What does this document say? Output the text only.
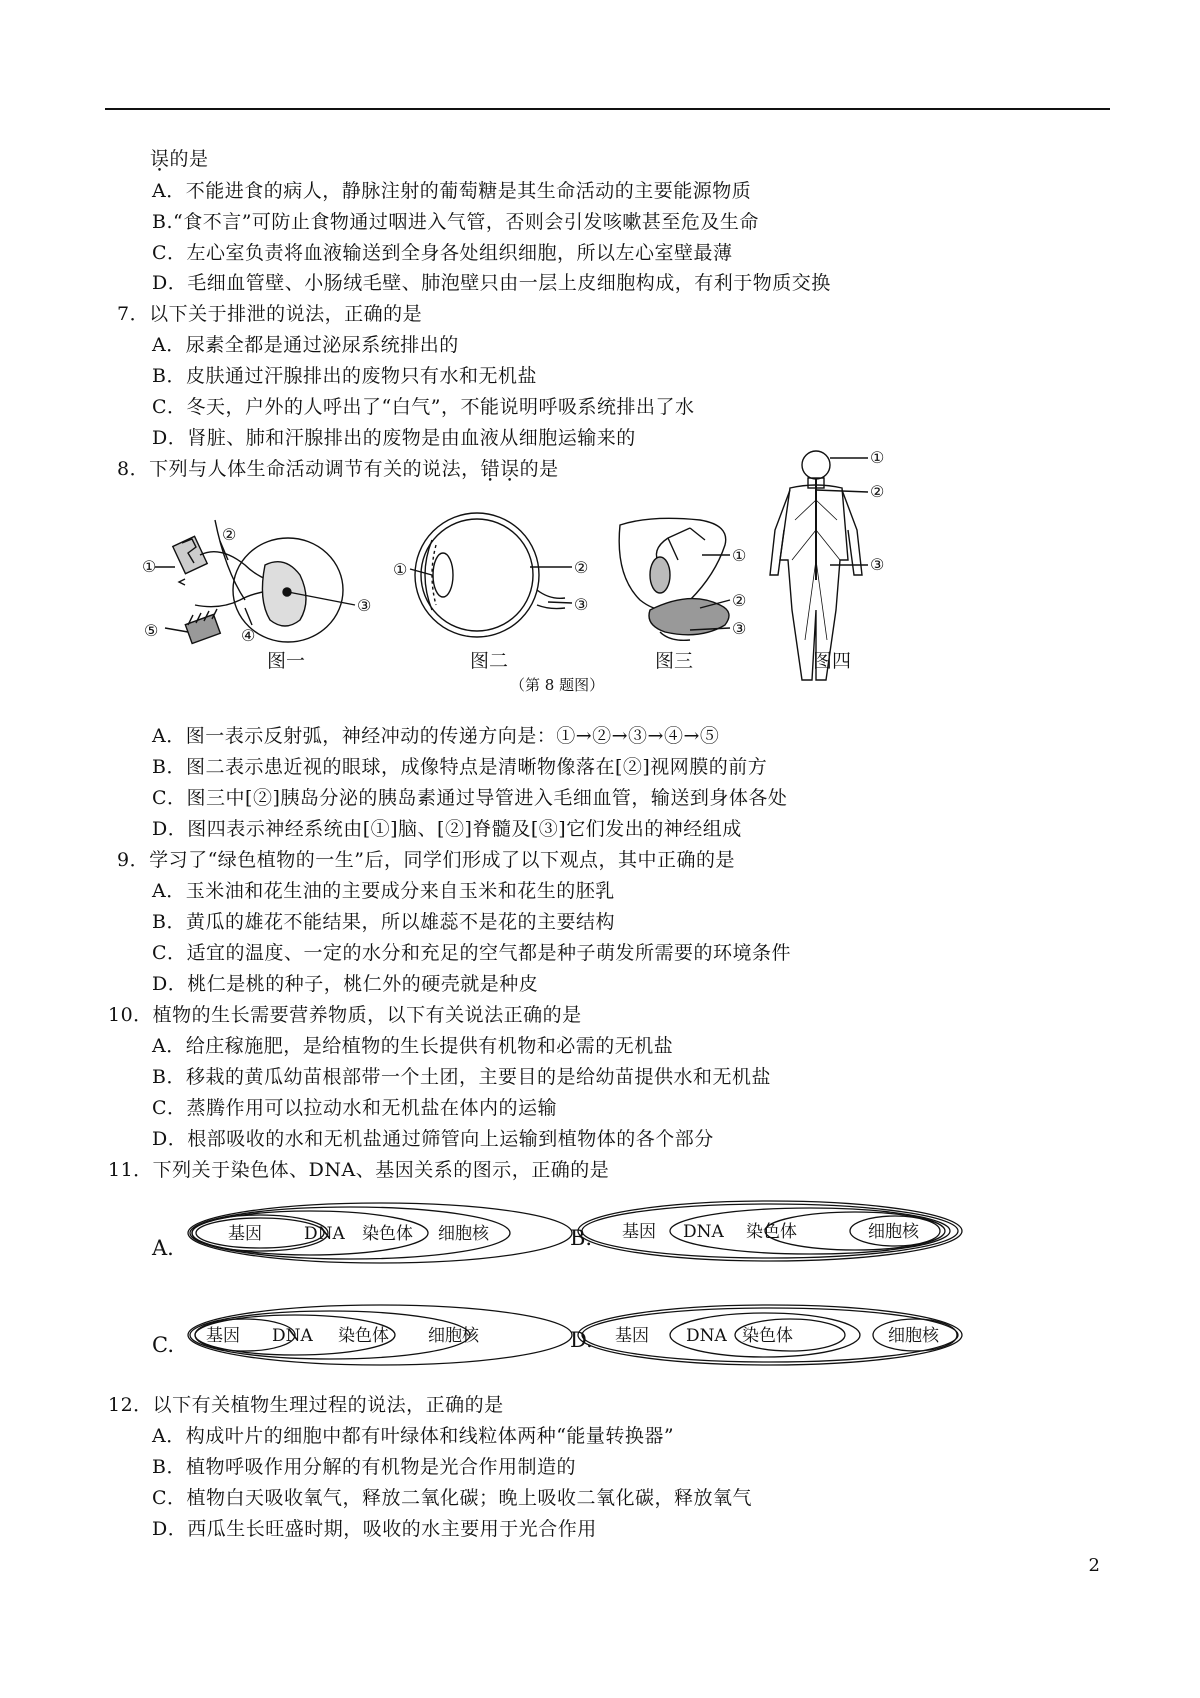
误的是
A．不能进食的病人，静脉注射的葡萄糖是其生命活动的主要能源物质
B.“食不言”可防止食物通过咽进入气管，否则会引发咳嗽甚至危及生命
C．左心室负责将血液输送到全身各处组织细胞，所以左心室壁最薄
D．毛细血管壁、小肠绒毛壁、肺泡壁只由一层上皮细胞构成，有利于物质交换
7．以下关于排泄的说法，正确的是
A．尿素全都是通过泌尿系统排出的
B．皮肤通过汗腺排出的废物只有水和无机盐
C．冬天，户外的人呼出了“白气”，不能说明呼吸系统排出了水
D．肾脏、肺和汗腺排出的废物是由血液从细胞运输来的
8．下列与人体生命活动调节有关的说法，错误的是
①
②
③
④
⑤
①	②
③
①
②
③
①
②
③
图一	图二	图三	图四
（第 8 题图）
A．图一表示反射弧，神经冲动的传递方向是：①→②→③→④→⑤
B．图二表示患近视的眼球，成像特点是清晰物像落在[②]视网膜的前方
C．图三中[②]胰岛分泌的胰岛素通过导管进入毛细血管，输送到身体各处
D．图四表示神经系统由[①]脑、[②]脊髓及[③]它们发出的神经组成
9．学习了“绿色植物的一生”后，同学们形成了以下观点，其中正确的是
A．玉米油和花生油的主要成分来自玉米和花生的胚乳
B．黄瓜的雄花不能结果，所以雄蕊不是花的主要结构
C．适宜的温度、一定的水分和充足的空气都是种子萌发所需要的环境条件
D．桃仁是桃的种子，桃仁外的硬壳就是种皮
10．植物的生长需要营养物质，以下有关说法正确的是
A．给庄稼施肥，是给植物的生长提供有机物和必需的无机盐
B．移栽的黄瓜幼苗根部带一个土团，主要目的是给幼苗提供水和无机盐
C．蒸腾作用可以拉动水和无机盐在体内的运输
D．根部吸收的水和无机盐通过筛管向上运输到植物体的各个部分
11．下列关于染色体、DNA、基因关系的图示，正确的是
A.
基因 DNA 染色体 细胞核	B. 基因 DNA 染色体	细胞核
C. 基因 DNA 染色体 细胞核	D. 基因 DNA 染色体	细胞核
12．以下有关植物生理过程的说法，正确的是
A．构成叶片的细胞中都有叶绿体和线粒体两种“能量转换器”
B．植物呼吸作用分解的有机物是光合作用制造的
C．植物白天吸收氧气，释放二氧化碳；晚上吸收二氧化碳，释放氧气
D．西瓜生长旺盛时期，吸收的水主要用于光合作用
2
